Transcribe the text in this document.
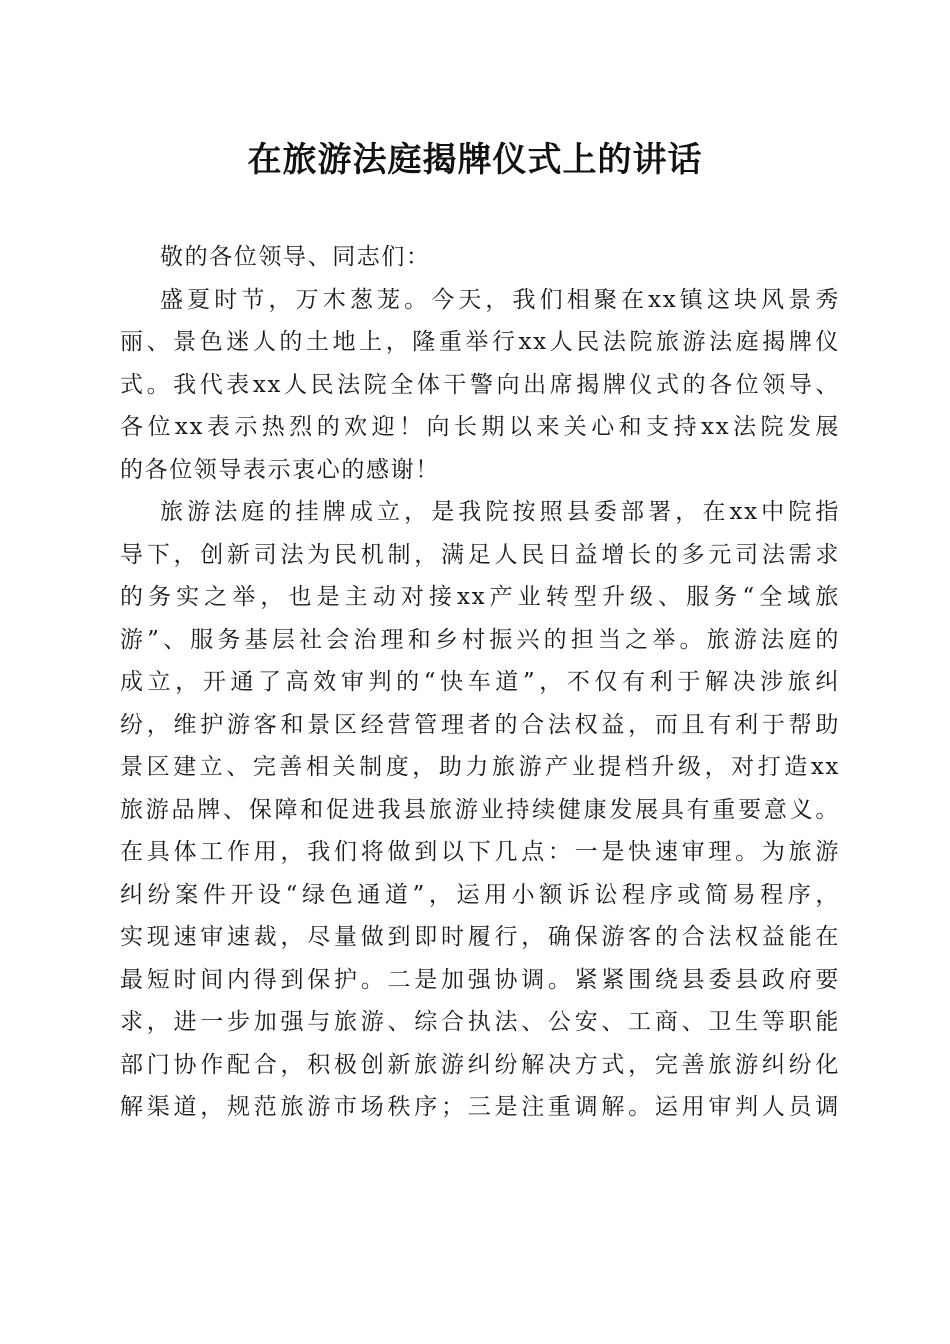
在旅游法庭揭牌仪式上的讲话
敬的各位领导、同志们：
盛夏时节，万木葱茏。今天，我们相聚在xx镇这块风景秀
丽、景色迷人的土地上，隆重举行xx人民法院旅游法庭揭牌仪
式。我代表xx人民法院全体干警向出席揭牌仪式的各位领导、
各位xx表示热烈的欢迎！向长期以来关心和支持xx法院发展
的各位领导表示衷心的感谢！
旅游法庭的挂牌成立，是我院按照县委部署，在xx中院指
导下，创新司法为民机制，满足人民日益增长的多元司法需求
的务实之举，也是主动对接xx产业转型升级、服务“全域旅
游”、服务基层社会治理和乡村振兴的担当之举。旅游法庭的
成立，开通了高效审判的“快车道”，不仅有利于解决涉旅纠
纷，维护游客和景区经营管理者的合法权益，而且有利于帮助
景区建立、完善相关制度，助力旅游产业提档升级，对打造xx
旅游品牌、保障和促进我县旅游业持续健康发展具有重要意义。
在具体工作用，我们将做到以下几点：一是快速审理。为旅游
纠纷案件开设“绿色通道”，运用小额诉讼程序或简易程序，
实现速审速裁，尽量做到即时履行，确保游客的合法权益能在
最短时间内得到保护。二是加强协调。紧紧围绕县委县政府要
求，进一步加强与旅游、综合执法、公安、工商、卫生等职能
部门协作配合，积极创新旅游纠纷解决方式，完善旅游纠纷化
解渠道，规范旅游市场秩序；三是注重调解。运用审判人员调
